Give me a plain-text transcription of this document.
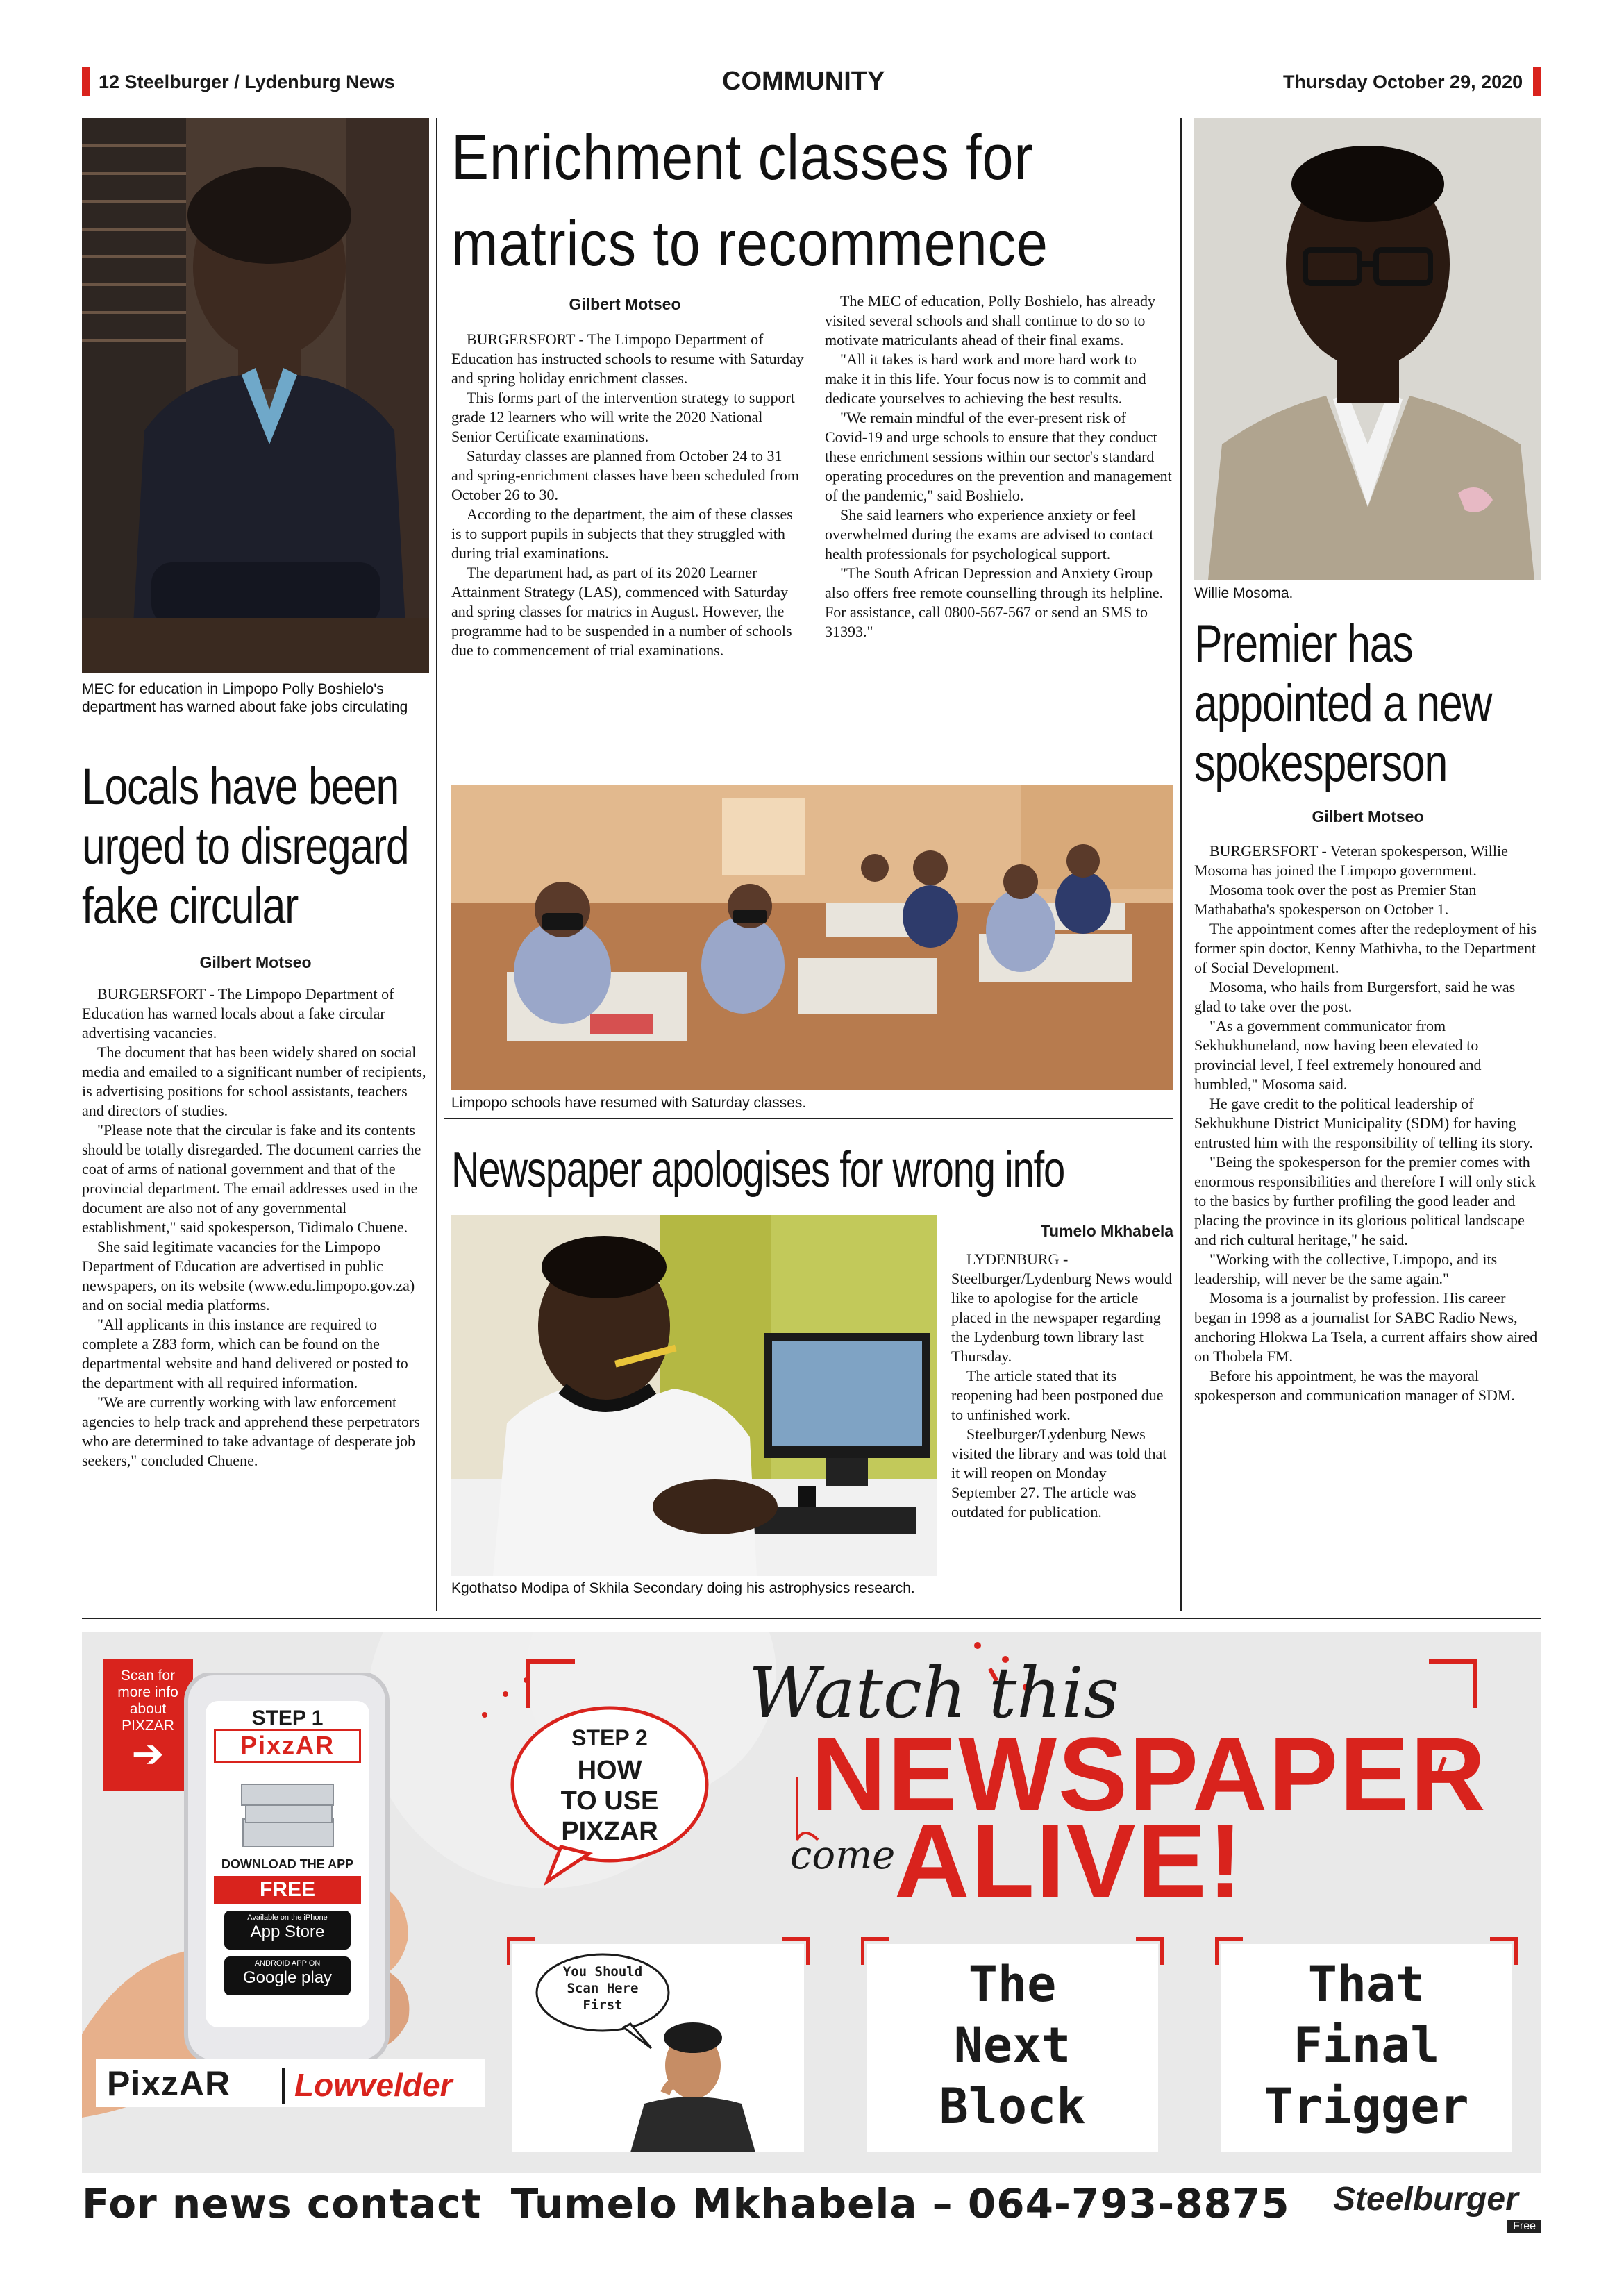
12 Steelburger / Lydenburg News	COMMUNITY	Thursday October 29, 2020
MEC for education in Limpopo Polly Boshielo's department has warned about fake jobs circulating
Locals have been
urged to disregard
fake circular
Gilbert Motseo

BURGERSFORT - The Limpopo Department of Education has warned locals about a fake circular advertising vacancies.

The document that has been widely shared on social media and emailed to a significant number of recipients, is advertising positions for school assistants, teachers and directors of studies.

"Please note that the circular is fake and its contents should be totally disregarded. The document carries the coat of arms of national government and that of the provincial department. The email addresses used in the document are also not of any governmental establishment," said spokesperson, Tidimalo Chuene.

She said legitimate vacancies for the Limpopo Department of Education are advertised in public newspapers, on its website (www.edu.limpopo.gov.za) and on social media platforms.

"All applicants in this instance are required to complete a Z83 form, which can be found on the departmental website and hand delivered or posted to the department with all required information.

"We are currently working with law enforcement agencies to help track and apprehend these perpetrators who are determined to take advantage of desperate job seekers," concluded Chuene.

Enrichment classes for
matrics to recommence
Gilbert Motseo

BURGERSFORT - The Limpopo Department of Education has instructed schools to resume with Saturday and spring holiday enrichment classes.

This forms part of the intervention strategy to support grade 12 learners who will write the 2020 National Senior Certificate examinations.

Saturday classes are planned from October 24 to 31 and spring-enrichment classes have been scheduled from October 26 to 30.

According to the department, the aim of these classes is to support pupils in subjects that they struggled with during trial examinations.

The department had, as part of its 2020 Learner Attainment Strategy (LAS), commenced with Saturday and spring classes for matrics in August. However, the programme had to be suspended in a number of schools due to commencement of trial examinations.

The MEC of education, Polly Boshielo, has already visited several schools and shall continue to do so to motivate matriculants ahead of their final exams.

"All it takes is hard work and more hard work to make it in this life. Your focus now is to commit and dedicate yourselves to achieving the best results.

"We remain mindful of the ever-present risk of Covid-19 and urge schools to ensure that they conduct these enrichment sessions within our sector's standard operating procedures on the prevention and management of the pandemic," said Boshielo.

She said learners who experience anxiety or feel overwhelmed during the exams are advised to contact health professionals for psychological support.

"The South African Depression and Anxiety Group also offers free remote counselling through its helpline. For assistance, call 0800-567-567 or send an SMS to 31393."

Limpopo schools have resumed with Saturday classes.
Newspaper apologises for wrong info
Kgothatso Modipa of Skhila Secondary doing his astrophysics research.
Tumelo Mkhabela

LYDENBURG - Steelburger/Lydenburg News would like to apologise for the article placed in the newspaper regarding the Lydenburg town library last Thursday.

The article stated that its reopening had been postponed due to unfinished work.

Steelburger/Lydenburg News visited the library and was told that it will reopen on Monday September 27. The article was outdated for publication.

Willie Mosoma.
Premier has
appointed a new
spokesperson
Gilbert Motseo

BURGERSFORT - Veteran spokesperson, Willie Mosoma has joined the Limpopo government.

Mosoma took over the post as Premier Stan Mathabatha's spokesperson on October 1.

The appointment comes after the redeployment of his former spin doctor, Kenny Mathivha, to the Department of Social Development.

Mosoma, who hails from Burgersfort, said he was glad to take over the post.

"As a government communicator from Sekhukhuneland, now having been elevated to provincial level, I feel extremely honoured and humbled," Mosoma said.

He gave credit to the political leadership of Sekhukhune District Municipality (SDM) for having entrusted him with the responsibility of telling its story.

"Being the spokesperson for the premier comes with enormous responsibilities and therefore I will only stick to the basics by further profiling the good leader and placing the province in its glorious political landscape and rich cultural heritage," he said.

"Working with the collective, Limpopo, and its leadership, will never be the same again."

Mosoma is a journalist by profession. His career began in 1998 as a journalist for SABC Radio News, anchoring Hlokwa La Tsela, a current affairs show aired on Thobela FM.

Before his appointment, he was the mayoral spokesperson and communication manager of SDM.

Scan for
more info
about
PIXZAR
➔
STEP 1
PixzAR
DOWNLOAD THE APP
FREE
Available on the iPhone
App Store
ANDROID APP ON
Google play
PixzAR Lowvelder
STEP 2
HOW
TO USE
PIXZAR
Watch this
NEWSPAPER
come
ALIVE!
You Should
Scan Here
First	The
Next
Block
That
Final
Trigger
For news contact  Tumelo Mkhabela – 064-793-8875 Steelburger
Free
